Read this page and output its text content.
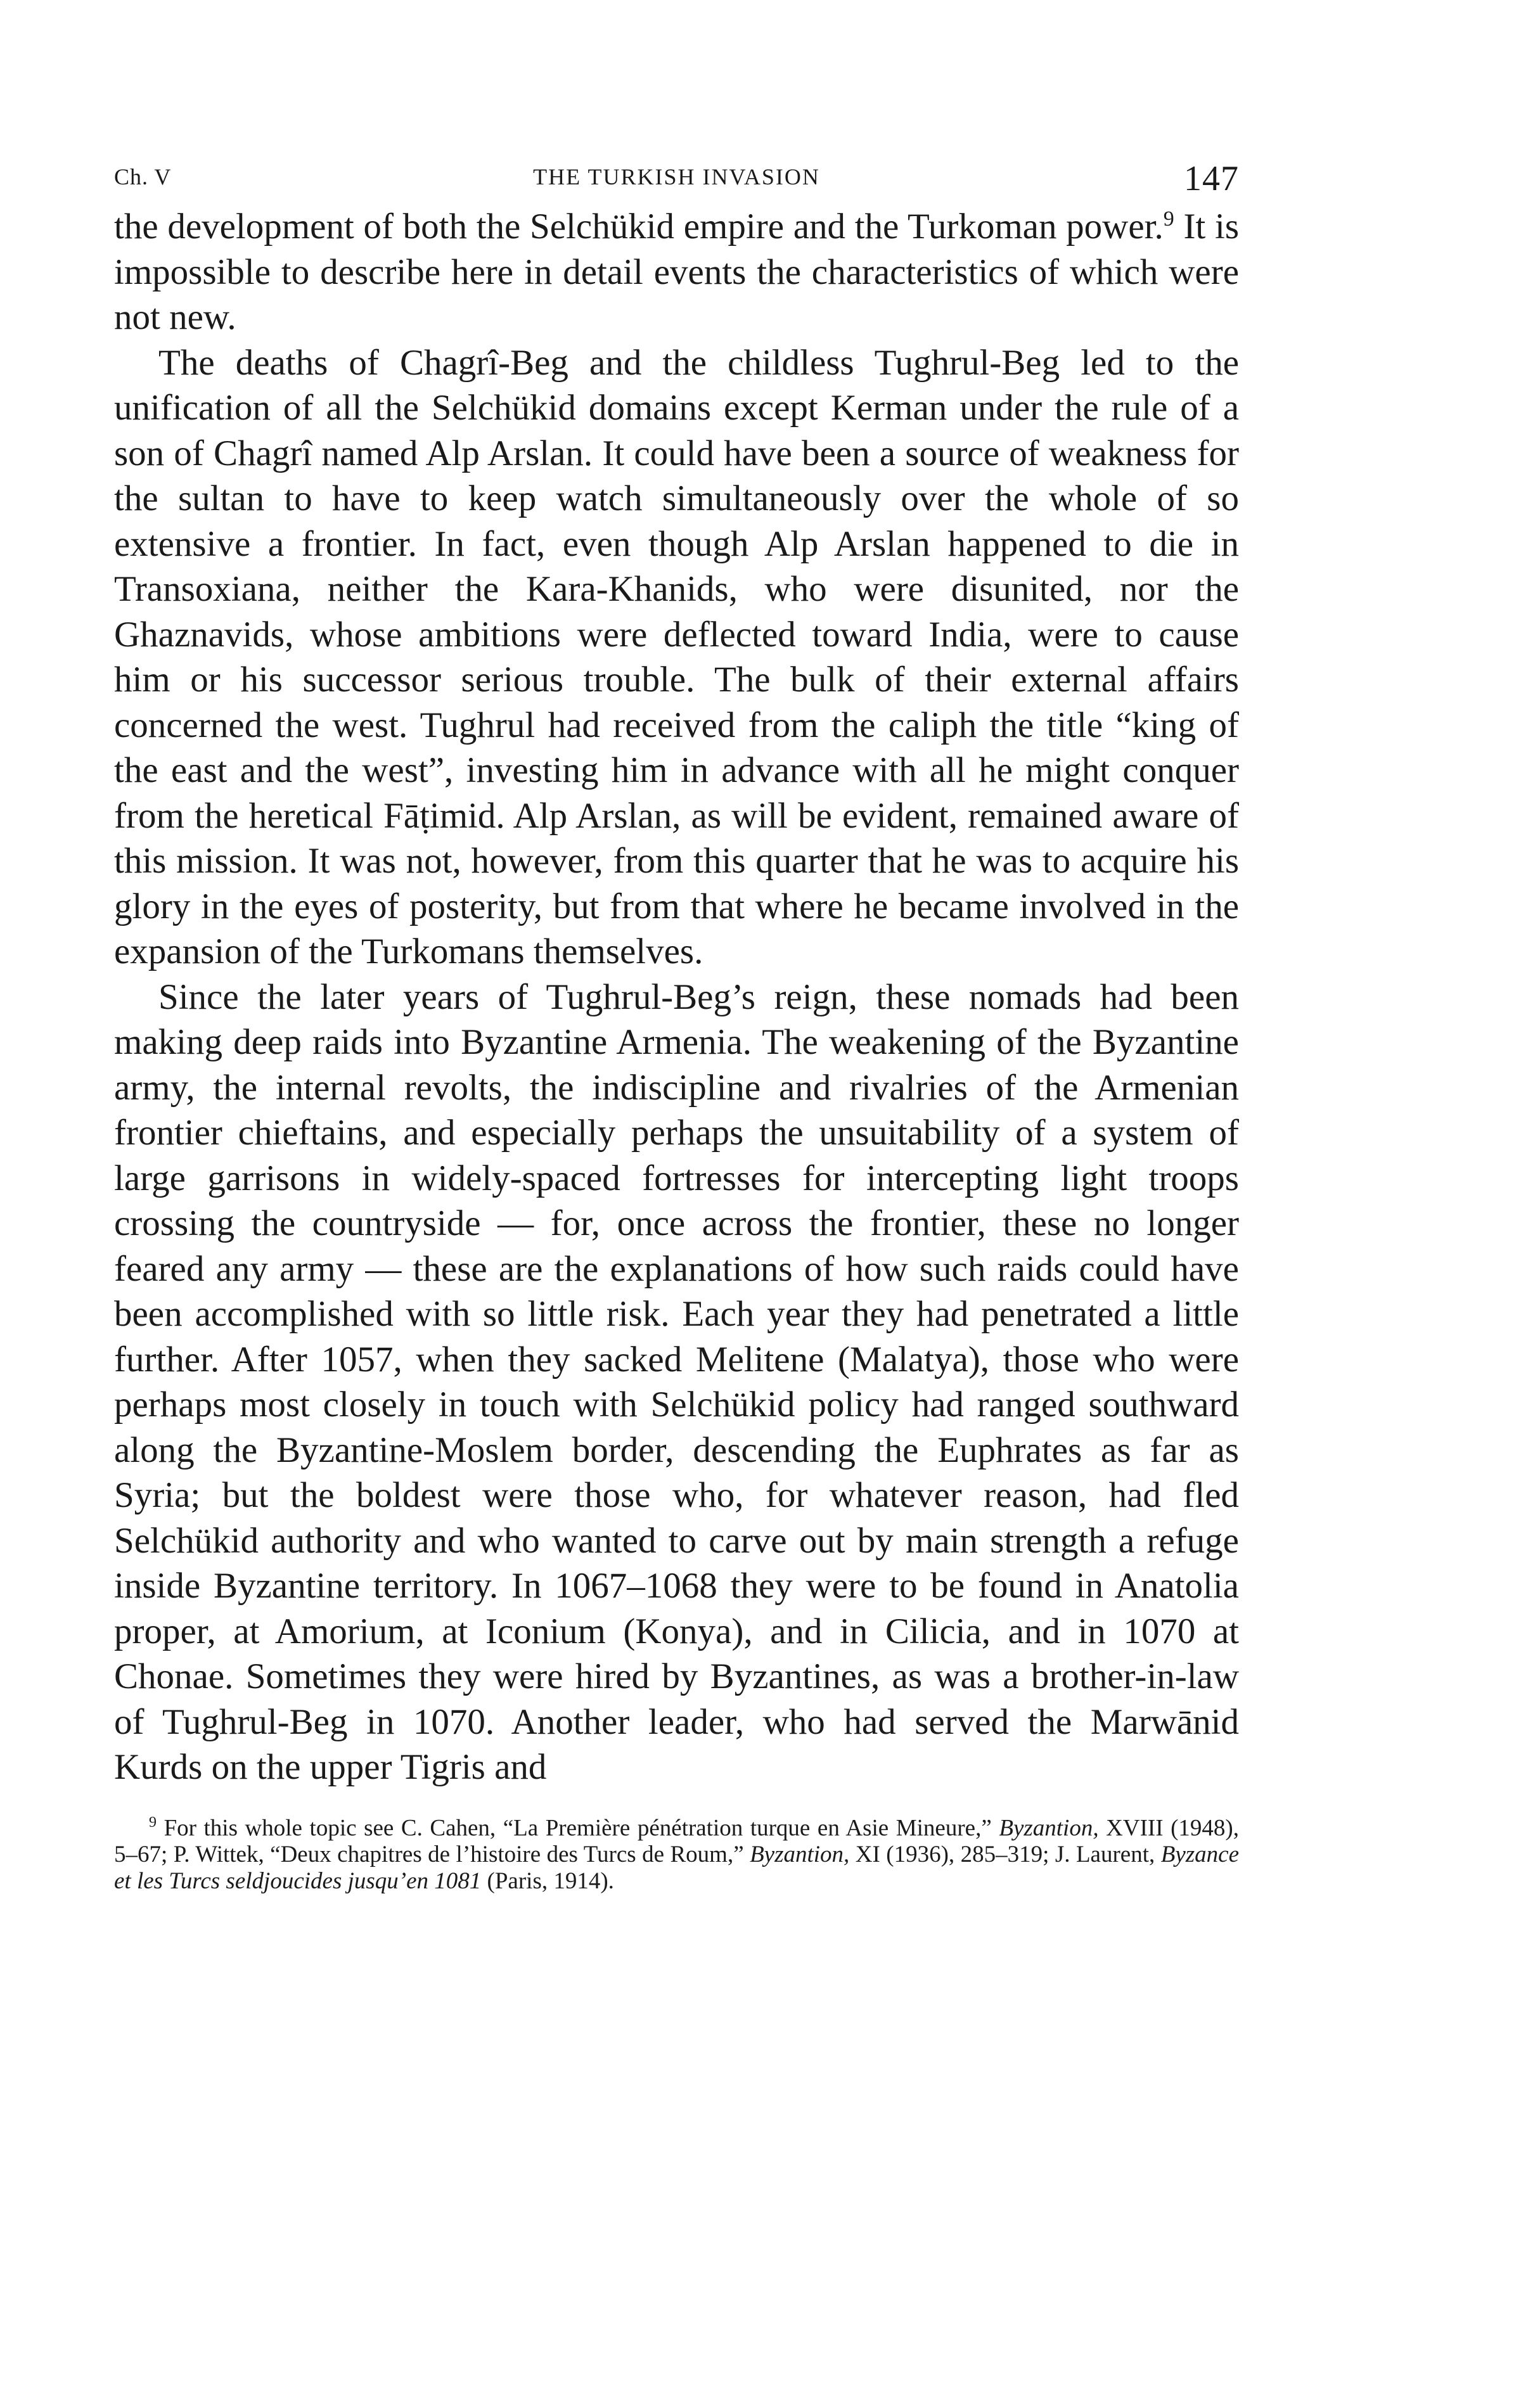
Ch. V	THE TURKISH INVASION	147

the development of both the Selchükid empire and the Turkoman power.$^9$ It is impossible to describe here in detail events the characteristics of which were not new.

The deaths of Chagrî-Beg and the childless Tughrul-Beg led to the unification of all the Selchükid domains except Kerman under the rule of a son of Chagrî named Alp Arslan. It could have been a source of weakness for the sultan to have to keep watch simultaneously over the whole of so extensive a frontier. In fact, even though Alp Arslan happened to die in Transoxiana, neither the Kara-Khanids, who were disunited, nor the Ghaznavids, whose ambitions were deflected toward India, were to cause him or his successor serious trouble. The bulk of their external affairs concerned the west. Tughrul had received from the caliph the title “king of the east and the west”, investing him in advance with all he might conquer from the heretical Fāṭimid. Alp Arslan, as will be evident, remained aware of this mission. It was not, however, from this quarter that he was to acquire his glory in the eyes of posterity, but from that where he became involved in the expansion of the Turkomans themselves.

Since the later years of Tughrul-Beg’s reign, these nomads had been making deep raids into Byzantine Armenia. The weakening of the Byzantine army, the internal revolts, the indiscipline and rivalries of the Armenian frontier chieftains, and especially perhaps the unsuitability of a system of large garrisons in widely-spaced fortresses for intercepting light troops crossing the countryside — for, once across the frontier, these no longer feared any army — these are the explanations of how such raids could have been accomplished with so little risk. Each year they had penetrated a little further. After 1057, when they sacked Melitene (Malatya), those who were perhaps most closely in touch with Selchükid policy had ranged southward along the Byzantine-Moslem border, descending the Euphrates as far as Syria; but the boldest were those who, for whatever reason, had fled Selchükid authority and who wanted to carve out by main strength a refuge inside Byzantine territory. In 1067–1068 they were to be found in Anatolia proper, at Amorium, at Iconium (Konya), and in Cilicia, and in 1070 at Chonae. Sometimes they were hired by Byzantines, as was a brother-in-law of Tughrul-Beg in 1070. Another leader, who had served the Marwānid Kurds on the upper Tigris and

$^9$ For this whole topic see C. Cahen, “La Première pénétration turque en Asie Mineure,” Byzantion, XVIII (1948), 5–67; P. Wittek, “Deux chapitres de l’histoire des Turcs de Roum,” Byzantion, XI (1936), 285–319; J. Laurent, Byzance et les Turcs seldjoucides jusqu’en 1081 (Paris, 1914).
